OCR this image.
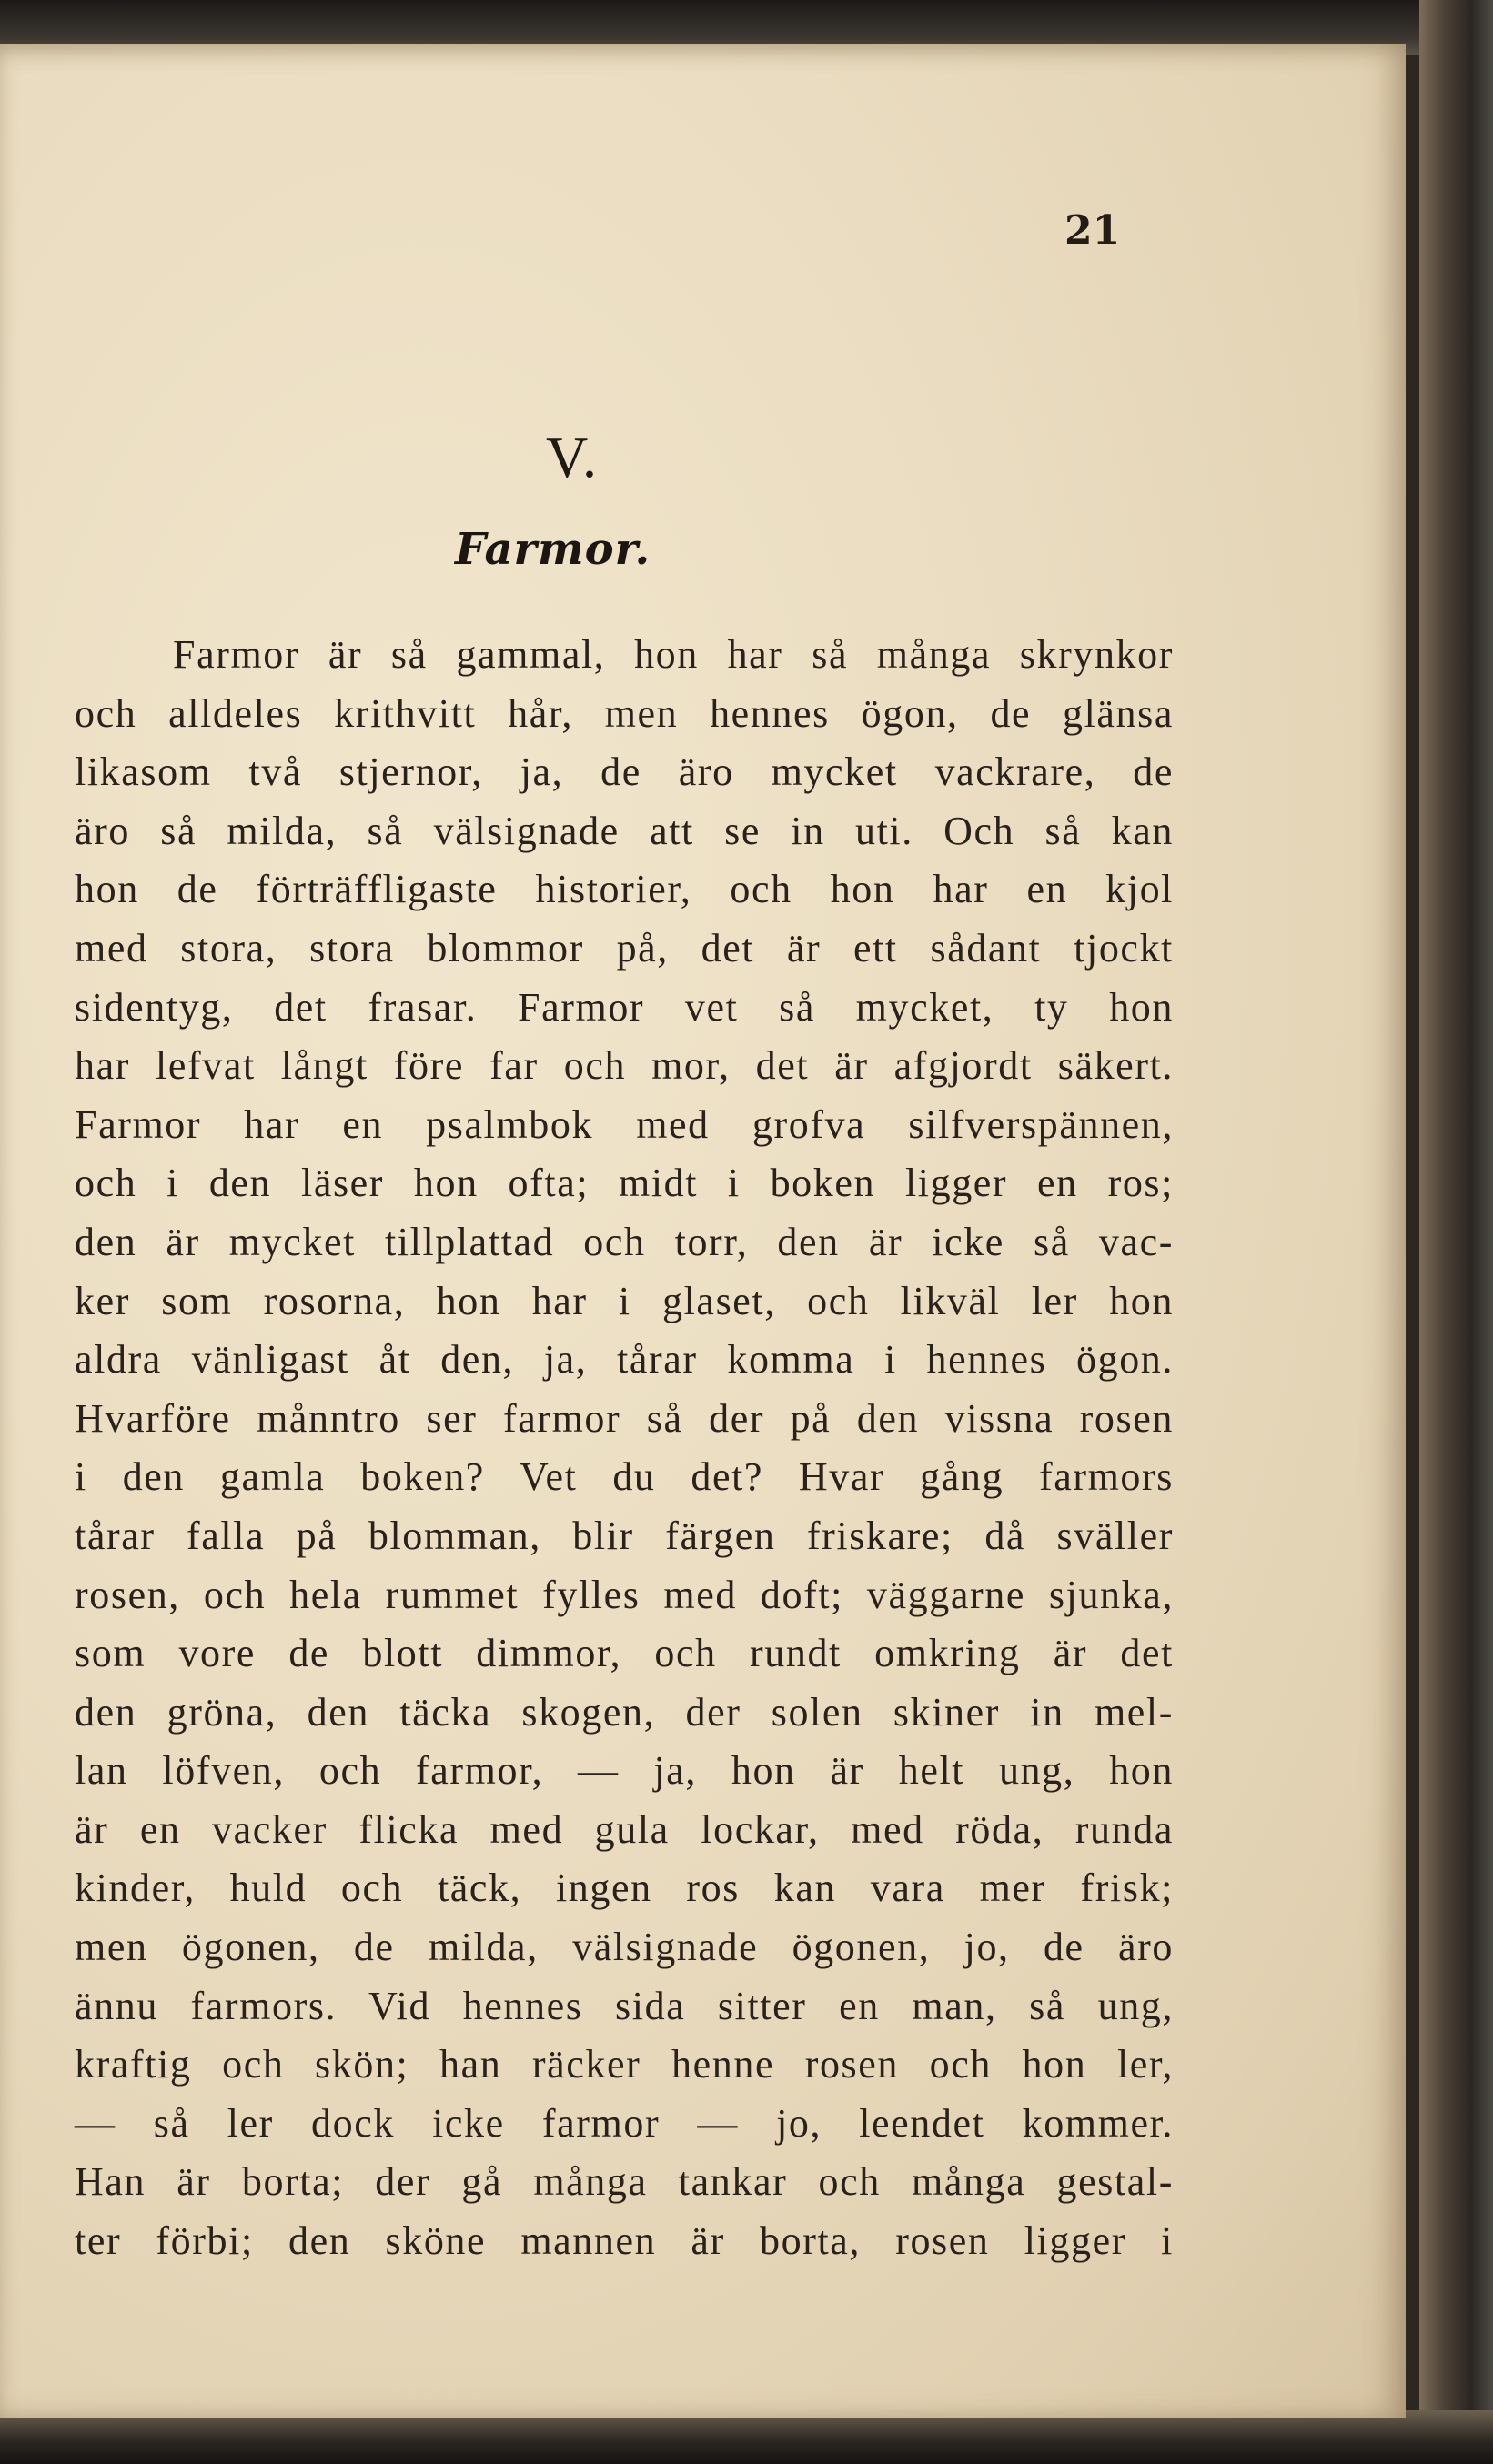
21
V.
Farmor.
Farmor är så gammal, hon har så många skrynkor
och alldeles krithvitt hår, men hennes ögon, de glänsa
likasom två stjernor, ja, de äro mycket vackrare, de
äro så milda, så välsignade att se in uti. Och så kan
hon de förträffligaste historier, och hon har en kjol
med stora, stora blommor på, det är ett sådant tjockt
sidentyg, det frasar. Farmor vet så mycket, ty hon
har lefvat långt före far och mor, det är afgjordt säkert.
Farmor har en psalmbok med grofva silfverspännen,
och i den läser hon ofta; midt i boken ligger en ros;
den är mycket tillplattad och torr, den är icke så vac-
ker som rosorna, hon har i glaset, och likväl ler hon
aldra vänligast åt den, ja, tårar komma i hennes ögon.
Hvarföre månntro ser farmor så der på den vissna rosen
i den gamla boken? Vet du det? Hvar gång farmors
tårar falla på blomman, blir färgen friskare; då sväller
rosen, och hela rummet fylles med doft; väggarne sjunka,
som vore de blott dimmor, och rundt omkring är det
den gröna, den täcka skogen, der solen skiner in mel-
lan löfven, och farmor, — ja, hon är helt ung, hon
är en vacker flicka med gula lockar, med röda, runda
kinder, huld och täck, ingen ros kan vara mer frisk;
men ögonen, de milda, välsignade ögonen, jo, de äro
ännu farmors. Vid hennes sida sitter en man, så ung,
kraftig och skön; han räcker henne rosen och hon ler,
— så ler dock icke farmor — jo, leendet kommer.
Han är borta; der gå många tankar och många gestal-
ter förbi; den sköne mannen är borta, rosen ligger i
